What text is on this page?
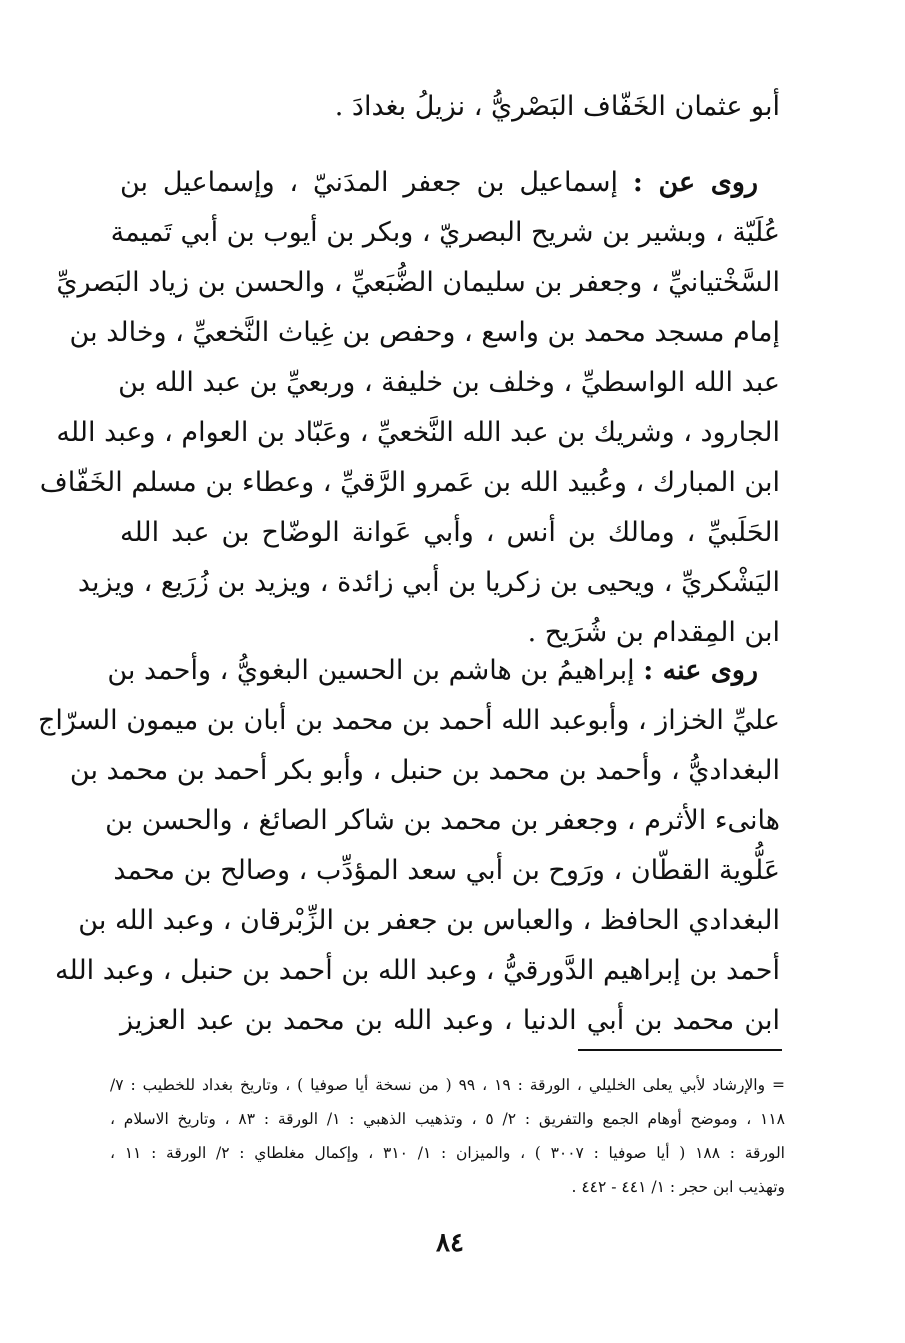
أبو عثمان الخَفّاف البَصْريُّ ، نزيلُ بغدادَ .
روى عن : إسماعيل بن جعفر المدَنيّ ، وإسماعيل بن
عُلَيّة ، وبشير بن شريح البصريّ ، وبكر بن أيوب بن أبي تَميمة
السَّخْتيانيِّ ، وجعفر بن سليمان الضُّبَعيِّ ، والحسن بن زياد البَصريِّ
إمام مسجد محمد بن واسع ، وحفص بن غِياث النَّخعيِّ ، وخالد بن
عبد الله الواسطيِّ ، وخلف بن خليفة ، وربعيِّ بن عبد الله بن
الجارود ، وشريك بن عبد الله النَّخعيِّ ، وعَبّاد بن العوام ، وعبد الله
ابن المبارك ، وعُبيد الله بن عَمرو الرَّقيِّ ، وعطاء بن مسلم الخَفّاف
الحَلَبيِّ ، ومالك بن أنس ، وأبي عَوانة الوضّاح بن عبد الله
اليَشْكريِّ ، ويحيى بن زكريا بن أبي زائدة ، ويزيد بن زُرَيع ، ويزيد
ابن المِقدام بن شُرَيح .
روى عنه : إبراهيمُ بن هاشم بن الحسين البغويُّ ، وأحمد بن
عليِّ الخزاز ، وأبوعبد الله أحمد بن محمد بن أبان بن ميمون السرّاج
البغداديُّ ، وأحمد بن محمد بن حنبل ، وأبو بكر أحمد بن محمد بن
هانىء الأثرم ، وجعفر بن محمد بن شاكر الصائغ ، والحسن بن
عَلُّوية القطّان ، ورَوح بن أبي سعد المؤدِّب ، وصالح بن محمد
البغدادي الحافظ ، والعباس بن جعفر بن الزِّبْرقان ، وعبد الله بن
أحمد بن إبراهيم الدَّورقيُّ ، وعبد الله بن أحمد بن حنبل ، وعبد الله
ابن محمد بن أبي الدنيا ، وعبد الله بن محمد بن عبد العزيز
= والإرشاد لأبي يعلى الخليلي ، الورقة : ١٩ ، ٩٩ ( من نسخة أيا صوفيا ) ، وتاريخ بغداد للخطيب : ٧/
١١٨ ، وموضح أوهام الجمع والتفريق : ٢/ ٥ ، وتذهيب الذهبي : ١/ الورقة : ٨٣ ، وتاريخ الاسلام ،
الورقة : ١٨٨ ( أيا صوفيا : ٣٠٠٧ ) ، والميزان : ١/ ٣١٠ ، وإكمال مغلطاي : ٢/ الورقة : ١١ ،
وتهذيب ابن حجر : ١/ ٤٤١ - ٤٤٢ .
٨٤
